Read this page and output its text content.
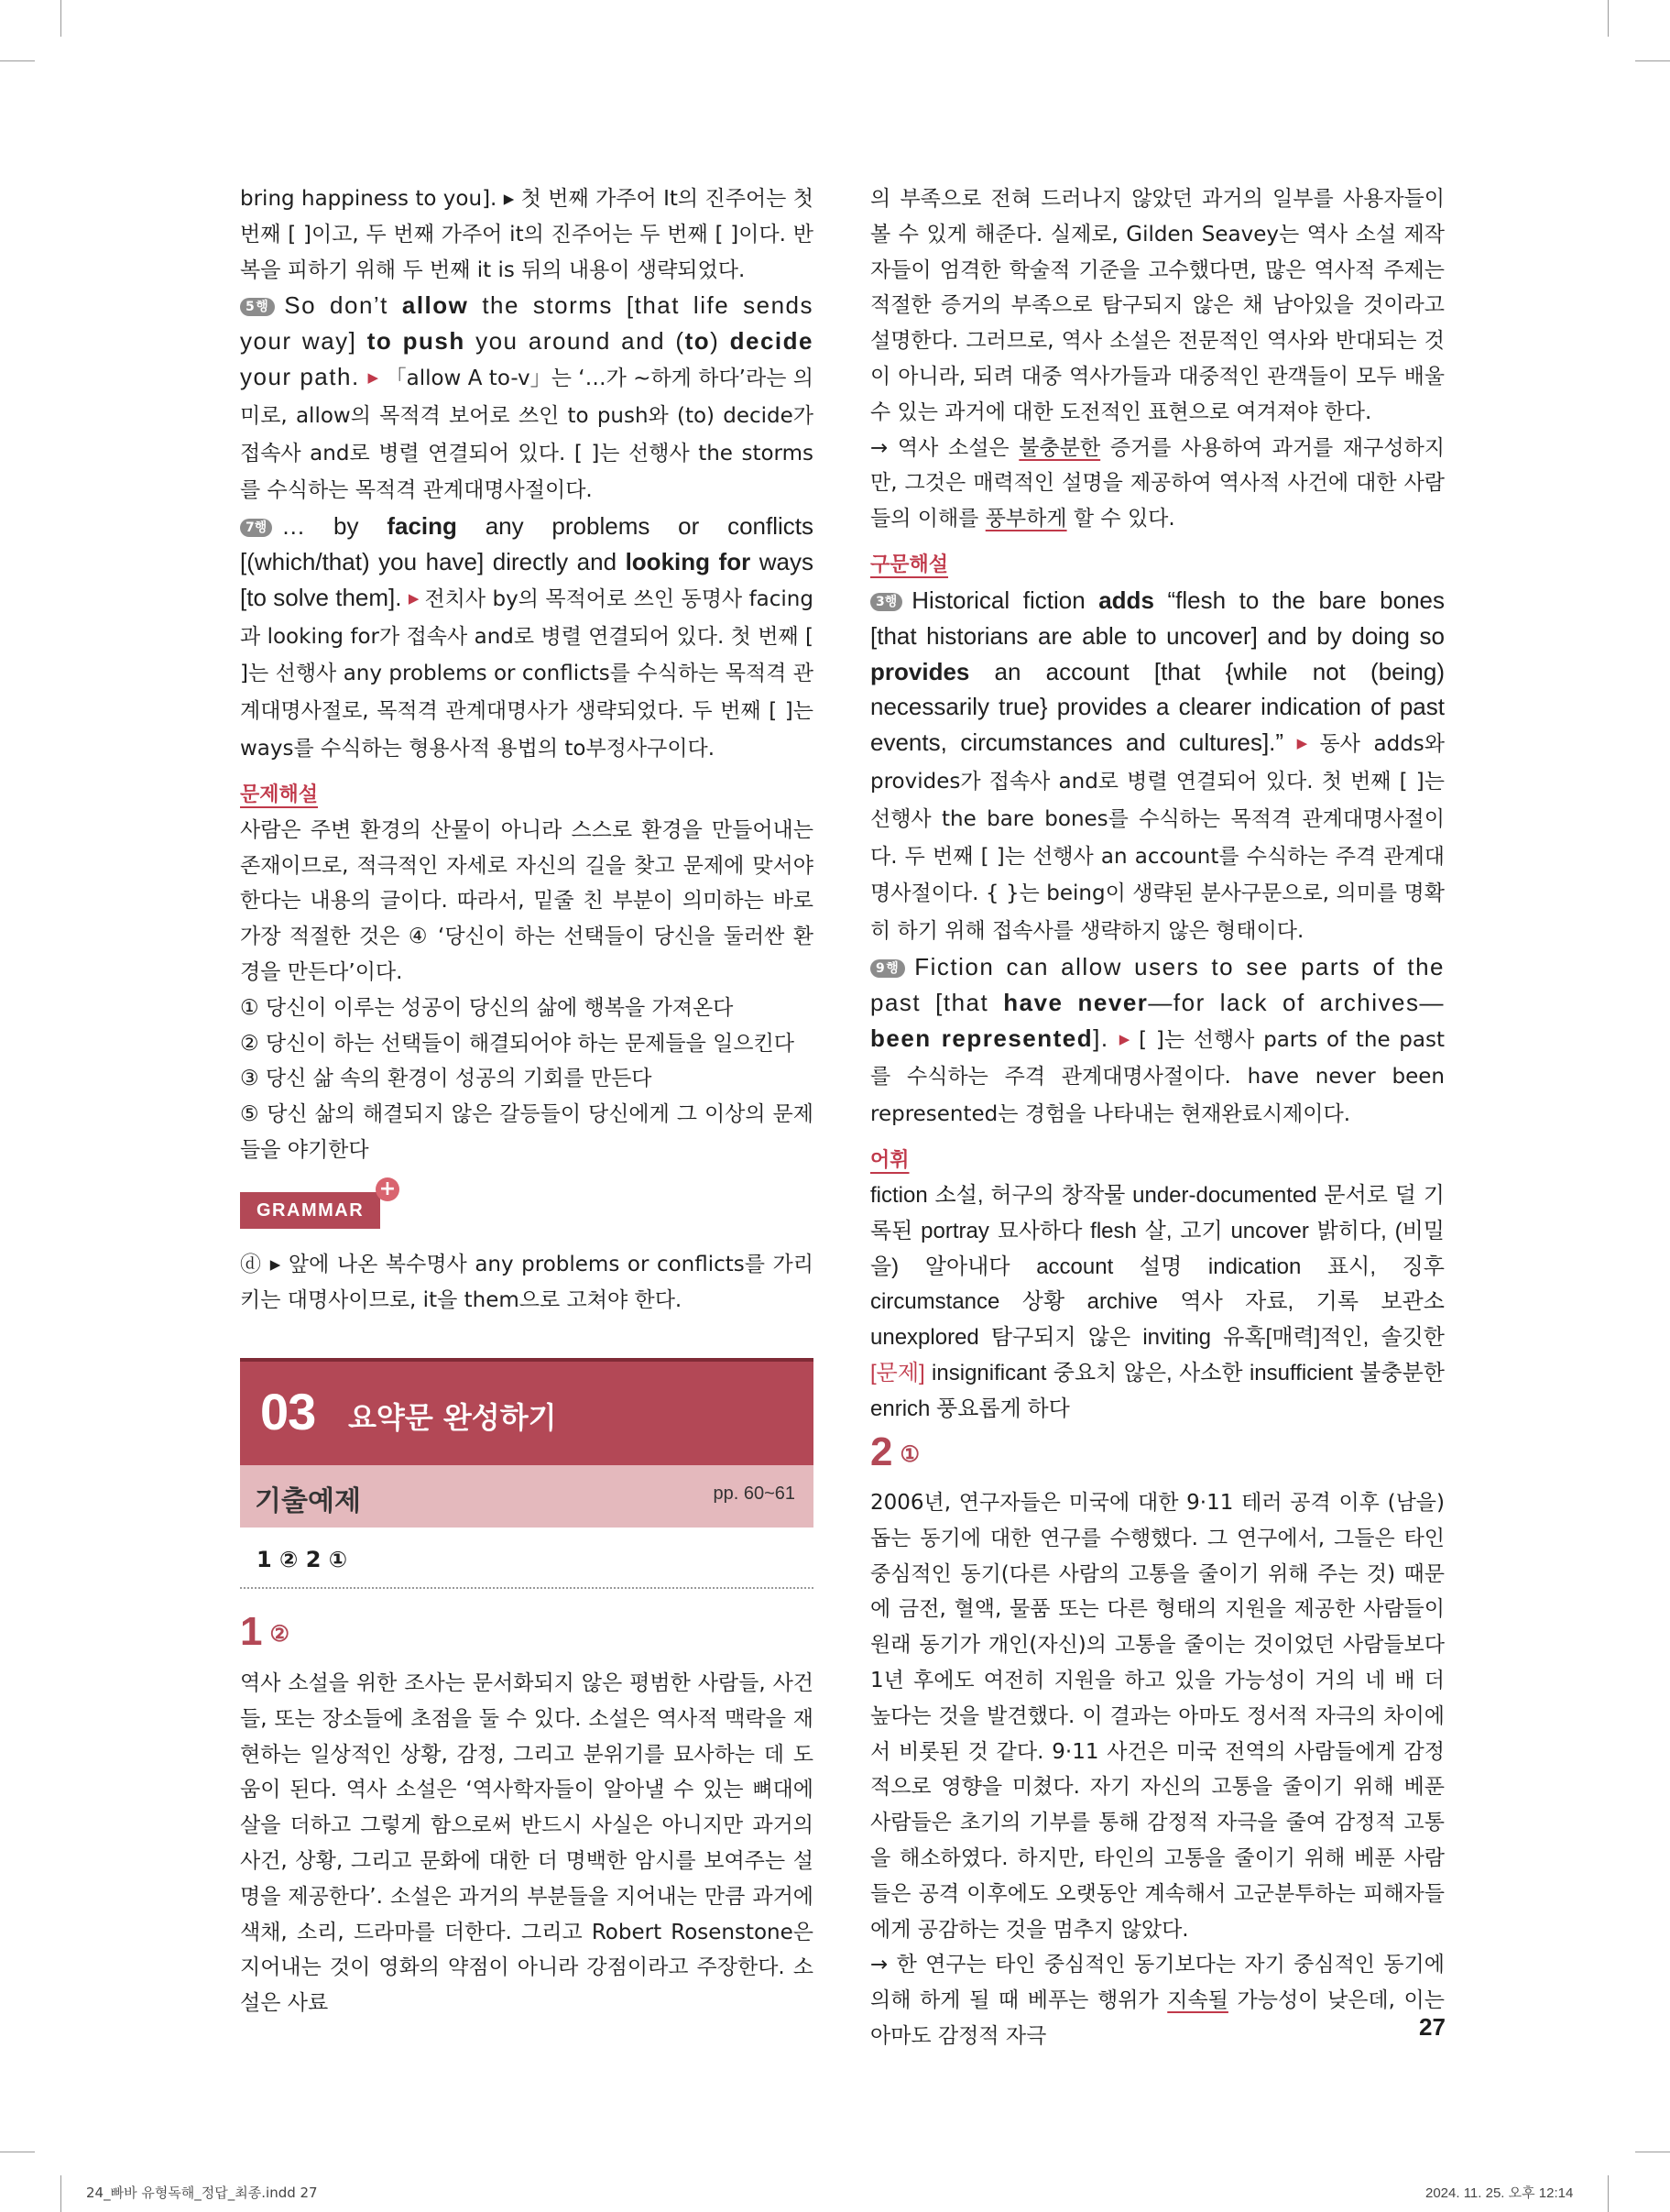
bring happiness to you]. ▸ 첫 번째 가주어 It의 진주어는 첫 번째 [ ]이고, 두 번째 가주어 it의 진주어는 두 번째 [ ]이다. 반복을 피하기 위해 두 번째 it is 뒤의 내용이 생략되었다.

5행 So don’t allow the storms [that life sends your way] to push you around and (to) decide your path. ▶ 「allow A to-v」는 ‘…가 ~하게 하다’라는 의미로, allow의 목적격 보어로 쓰인 to push와 (to) decide가 접속사 and로 병렬 연결되어 있다. [ ]는 선행사 the storms를 수식하는 목적격 관계대명사절이다.

7행 … by facing any problems or conflicts [(which/that) you have] directly and looking for ways [to solve them]. ▶ 전치사 by의 목적어로 쓰인 동명사 facing과 looking for가 접속사 and로 병렬 연결되어 있다. 첫 번째 [ ]는 선행사 any problems or conflicts를 수식하는 목적격 관계대명사절로, 목적격 관계대명사가 생략되었다. 두 번째 [ ]는 ways를 수식하는 형용사적 용법의 to부정사구이다.

문제해설

사람은 주변 환경의 산물이 아니라 스스로 환경을 만들어내는 존재이므로, 적극적인 자세로 자신의 길을 찾고 문제에 맞서야 한다는 내용의 글이다. 따라서, 밑줄 친 부분이 의미하는 바로 가장 적절한 것은 ④ ‘당신이 하는 선택들이 당신을 둘러싼 환경을 만든다’이다.

① 당신이 이루는 성공이 당신의 삶에 행복을 가져온다

② 당신이 하는 선택들이 해결되어야 하는 문제들을 일으킨다

③ 당신 삶 속의 환경이 성공의 기회를 만든다

⑤ 당신 삶의 해결되지 않은 갈등들이 당신에게 그 이상의 문제들을 야기한다

GRAMMAR
+

ⓓ ▸ 앞에 나온 복수명사 any problems or conflicts를 가리키는 대명사이므로, it을 them으로 고쳐야 한다.

03 요약문 완성하기
기출예제	pp. 60~61
1 ② 2 ①
1 ②

역사 소설을 위한 조사는 문서화되지 않은 평범한 사람들, 사건들, 또는 장소들에 초점을 둘 수 있다. 소설은 역사적 맥락을 재현하는 일상적인 상황, 감정, 그리고 분위기를 묘사하는 데 도움이 된다. 역사 소설은 ‘역사학자들이 알아낼 수 있는 뼈대에 살을 더하고 그렇게 함으로써 반드시 사실은 아니지만 과거의 사건, 상황, 그리고 문화에 대한 더 명백한 암시를 보여주는 설명을 제공한다’. 소설은 과거의 부분들을 지어내는 만큼 과거에 색채, 소리, 드라마를 더한다. 그리고 Robert Rosenstone은 지어내는 것이 영화의 약점이 아니라 강점이라고 주장한다. 소설은 사료

의 부족으로 전혀 드러나지 않았던 과거의 일부를 사용자들이 볼 수 있게 해준다. 실제로, Gilden Seavey는 역사 소설 제작자들이 엄격한 학술적 기준을 고수했다면, 많은 역사적 주제는 적절한 증거의 부족으로 탐구되지 않은 채 남아있을 것이라고 설명한다. 그러므로, 역사 소설은 전문적인 역사와 반대되는 것이 아니라, 되려 대중 역사가들과 대중적인 관객들이 모두 배울 수 있는 과거에 대한 도전적인 표현으로 여겨져야 한다.

→ 역사 소설은 불충분한 증거를 사용하여 과거를 재구성하지만, 그것은 매력적인 설명을 제공하여 역사적 사건에 대한 사람들의 이해를 풍부하게 할 수 있다.

구문해설

3행 Historical fiction adds “flesh to the bare bones [that historians are able to uncover] and by doing so provides an account [that {while not (being) necessarily true} provides a clearer indication of past events, circumstances and cultures].” ▶ 동사 adds와 provides가 접속사 and로 병렬 연결되어 있다. 첫 번째 [ ]는 선행사 the bare bones를 수식하는 목적격 관계대명사절이다. 두 번째 [ ]는 선행사 an account를 수식하는 주격 관계대명사절이다. { }는 being이 생략된 분사구문으로, 의미를 명확히 하기 위해 접속사를 생략하지 않은 형태이다.

9행 Fiction can allow users to see parts of the past [that have never—for lack of archives—been represented]. ▶ [ ]는 선행사 parts of the past를 수식하는 주격 관계대명사절이다. have never been represented는 경험을 나타내는 현재완료시제이다.

어휘

fiction 소설, 허구의 창작물 under-documented 문서로 덜 기록된 portray 묘사하다 flesh 살, 고기 uncover 밝히다, (비밀을) 알아내다 account 설명 indication 표시, 징후 circumstance 상황 archive 역사 자료, 기록 보관소 unexplored 탐구되지 않은 inviting 유혹[매력]적인, 솔깃한 [문제] insignificant 중요치 않은, 사소한 insufficient 불충분한 enrich 풍요롭게 하다

2 ①

2006년, 연구자들은 미국에 대한 9·11 테러 공격 이후 (남을) 돕는 동기에 대한 연구를 수행했다. 그 연구에서, 그들은 타인 중심적인 동기(다른 사람의 고통을 줄이기 위해 주는 것) 때문에 금전, 혈액, 물품 또는 다른 형태의 지원을 제공한 사람들이 원래 동기가 개인(자신)의 고통을 줄이는 것이었던 사람들보다 1년 후에도 여전히 지원을 하고 있을 가능성이 거의 네 배 더 높다는 것을 발견했다. 이 결과는 아마도 정서적 자극의 차이에서 비롯된 것 같다. 9·11 사건은 미국 전역의 사람들에게 감정적으로 영향을 미쳤다. 자기 자신의 고통을 줄이기 위해 베푼 사람들은 초기의 기부를 통해 감정적 자극을 줄여 감정적 고통을 해소하였다. 하지만, 타인의 고통을 줄이기 위해 베푼 사람들은 공격 이후에도 오랫동안 계속해서 고군분투하는 피해자들에게 공감하는 것을 멈추지 않았다.

→ 한 연구는 타인 중심적인 동기보다는 자기 중심적인 동기에 의해 하게 될 때 베푸는 행위가 지속될 가능성이 낮은데, 이는 아마도 감정적 자극	27
24_빠바 유형독해_정답_최종.indd 27	2024. 11. 25. 오후 12:14
